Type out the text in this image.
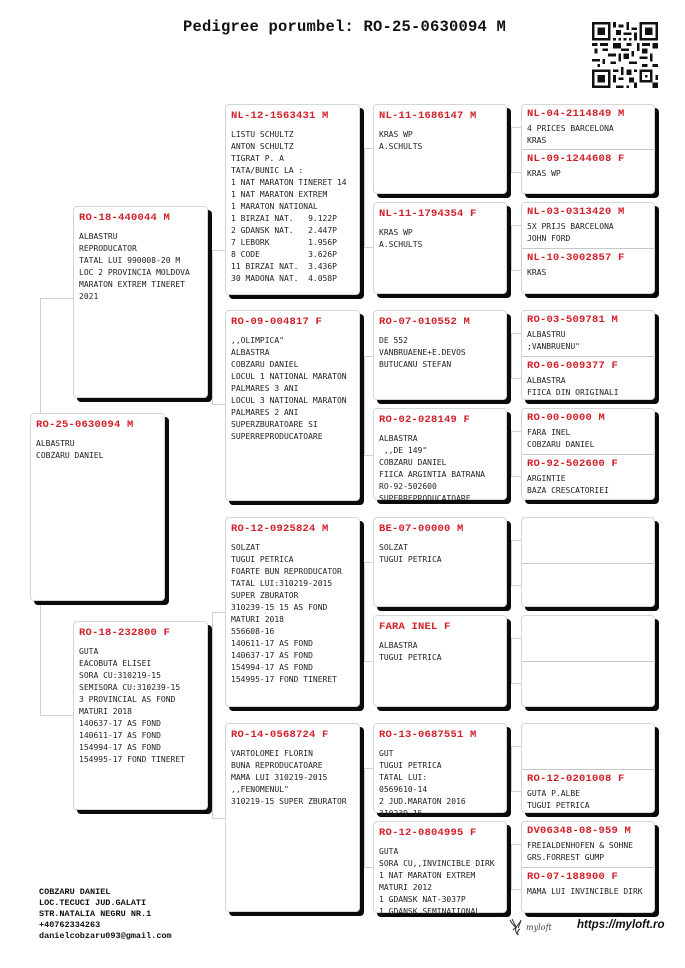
Pedigree porumbel: RO-25-0630094 M
RO-25-0630094 M
ALBASTRU
COBZARU DANIEL
RO-18-440044 M
ALBASTRU
REPRODUCATOR
TATAL LUI 990008-20 M
LOC 2 PROVINCIA MOLDOVA
MARATON EXTREM TINERET
2021
RO-18-232800 F
GUTA
EACOBUTA ELISEI
SORA CU:310219-15
SEMISORA CU:310239-15
3 PROVINCIAL AS FOND
MATURI 2018
140637-17 AS FOND
140611-17 AS FOND
154994-17 AS FOND
154995-17 FOND TINERET
NL-12-1563431 M
LISTU SCHULTZ
ANTON SCHULTZ
TIGRAT P. A
TATA/BUNIC LA :
1 NAT MARATON TINERET 14
1 NAT MARATON EXTREM
1 MARATON NATIONAL
1 BIRZAI NAT.   9.122P
2 GDANSK NAT.   2.447P
7 LEBORK        1.956P
8 CODE          3.626P
11 BIRZAI NAT.  3.436P
30 MADONA NAT.  4.058P
RO-09-004817 F
,,OLIMPICA"
ALBASTRA
COBZARU DANIEL
LOCUL 1 NATIONAL MARATON
PALMARES 3 ANI
LOCUL 3 NATIONAL MARATON
PALMARES 2 ANI
SUPERZBURATOARE SI
SUPERREPRODUCATOARE
RO-12-0925824 M
SOLZAT
TUGUI PETRICA
FOARTE BUN REPRODUCATOR
TATAL LUI:310219-2015
SUPER ZBURATOR
310239-15 15 AS FOND
MATURI 2018
556608-16
140611-17 AS FOND
140637-17 AS FOND
154994-17 AS FOND
154995-17 FOND TINERET
RO-14-0568724 F
VARTOLOMEI FLORIN
BUNA REPRODUCATOARE
MAMA LUI 310219-2015
,,FENOMENUL"
310219-15 SUPER ZBURATOR
NL-11-1686147 M
KRAS WP
A.SCHULTS
NL-11-1794354 F
KRAS WP
A.SCHULTS
RO-07-010552 M
DE 552
VANBRUAENE+E.DEVOS
BUTUCANU STEFAN
RO-02-028149 F
ALBASTRA
,,DE 149"
COBZARU DANIEL
FIICA ARGINTIA BATRANA
RO-92-502600
SUPERREPRODUCATOARE
BE-07-00000 M
SOLZAT
TUGUI PETRICA
FARA INEL F
ALBASTRA
TUGUI PETRICA
RO-13-0687551 M
GUT
TUGUI PETRICA
TATAL LUI:
0569610-14
2 JUD.MARATON 2016
310239-15
RO-12-0804995 F
GUTA
SORA CU,,INVINCIBLE DIRK
1 NAT MARATON EXTREM
MATURI 2012
1 GDANSK NAT-3037P
1 GDANSK SEMINATIONAL
NL-04-2114849 M
4 PRICES BARCELONA
KRAS
NL-09-1244608 F
KRAS WP
NL-03-0313420 M
5X PRIJS BARCELONA
JOHN FORD
NL-10-3002857 F
KRAS
RO-03-509781 M
ALBASTRU
;VANBRUENU"
RO-06-009377 F
ALBASTRA
FIICA DIN ORIGINALI
RO-00-0000 M
FARA INEL
COBZARU DANIEL
RO-92-502600 F
ARGINTIE
BAZA CRESCATORIEI
RO-12-0201008 F
GUTA P.ALBE
TUGUI PETRICA
DV06348-08-959 M
FREIALDENHOFEN & SOHNE
GRS.FORREST GUMP
RO-07-188900 F
MAMA LUI INVINCIBLE DIRK
COBZARU DANIEL
LOC.TECUCI JUD.GALATI
STR.NATALIA NEGRU NR.1
+40762334263
danielcobzaru093@gmail.com
myloft https://myloft.ro
